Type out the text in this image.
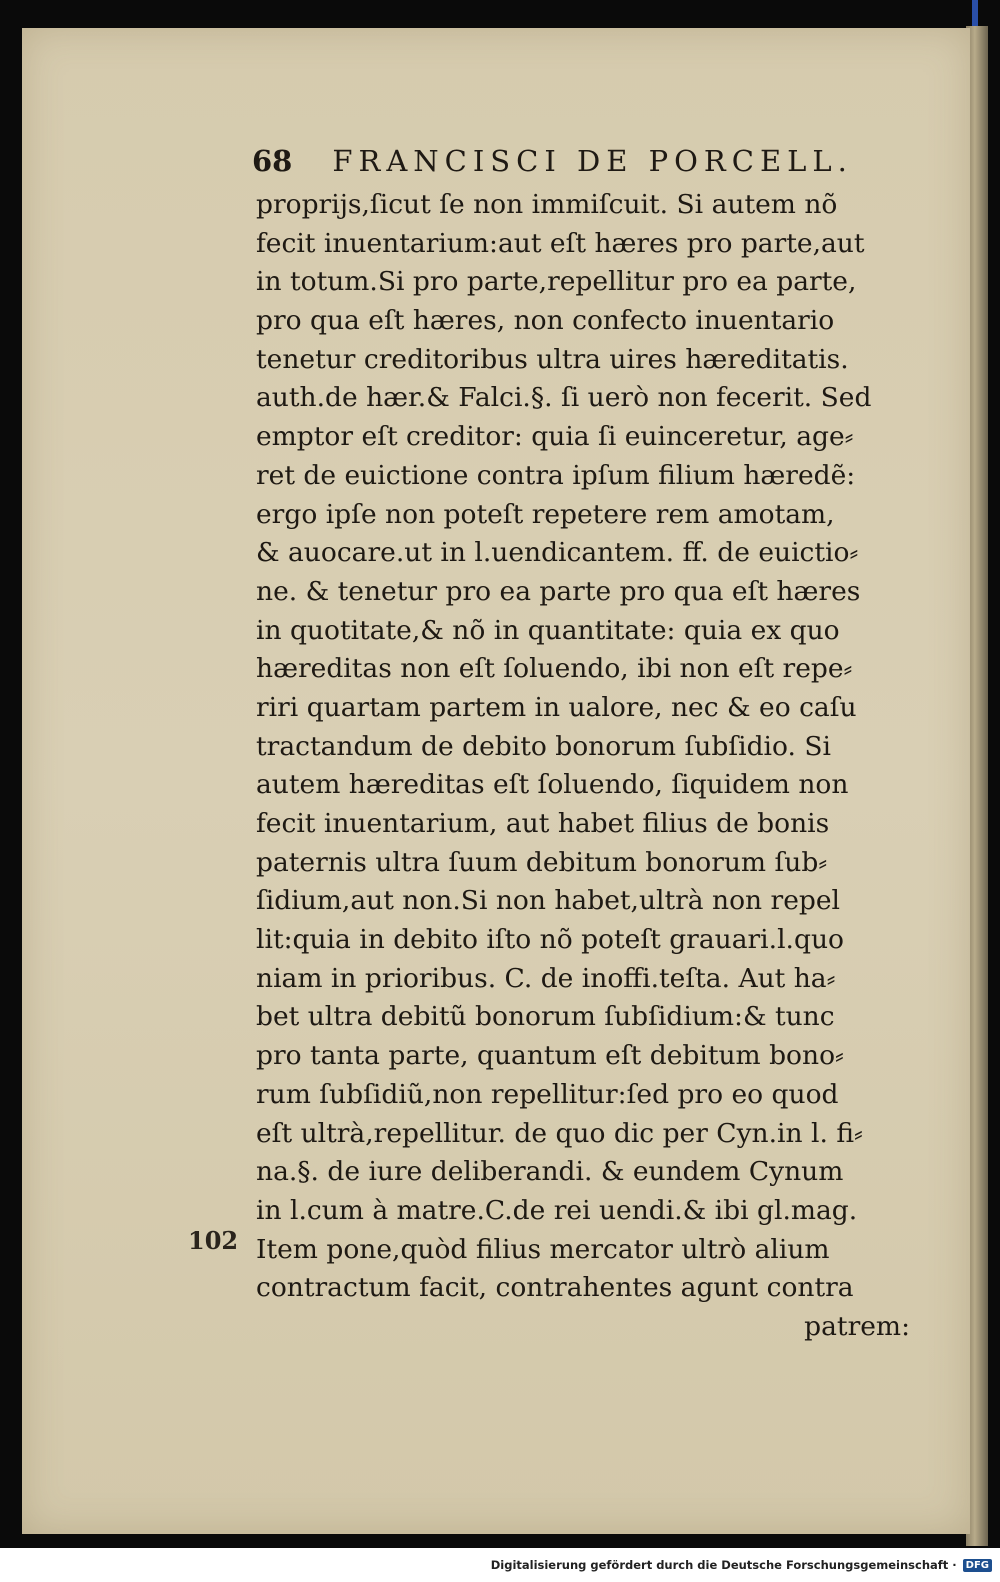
68 FRANCISCI DE PORCELL.
proprijs,ſicut ſe non immiſcuit. Si autem nõ
fecit inuentarium:aut eſt hæres pro parte,aut
in totum.Si pro parte,repellitur pro ea parte,
pro qua eſt hæres, non confecto inuentario
tenetur creditoribus ultra uires hæreditatis.
auth.de hær.& Falci.§. ſi uerò non fecerit. Sed
emptor eſt creditor: quia ſi euinceretur, age⸗
ret de euictione contra ipſum filium hæredẽ:
ergo ipſe non poteſt repetere rem amotam,
& auocare.ut in l.uendicantem. ff. de euictio⸗
ne. & tenetur pro ea parte pro qua eſt hæres
in quotitate,& nõ in quantitate: quia ex quo
hæreditas non eſt ſoluendo, ibi non eſt repe⸗
riri quartam partem in ualore, nec & eo caſu
tractandum de debito bonorum ſubſidio. Si
autem hæreditas eſt ſoluendo, ſiquidem non
fecit inuentarium, aut habet filius de bonis
paternis ultra ſuum debitum bonorum ſub⸗
ſidium,aut non.Si non habet,ultrà non repel
lit:quia in debito iſto nõ poteſt grauari.l.quo
niam in prioribus. C. de inoffi.teſta. Aut ha⸗
bet ultra debitũ bonorum ſubſidium:& tunc
pro tanta parte, quantum eſt debitum bono⸗
rum ſubſidiũ,non repellitur:ſed pro eo quod
eſt ultrà,repellitur. de quo dic per Cyn.in l. fi⸗
na.§. de iure deliberandi. & eundem Cynum
in l.cum à matre.C.de rei uendi.& ibi gl.mag.
Item pone,quòd filius mercator ultrò alium
contractum facit, contrahentes agunt contra
patrem:
102
Digitalisierung gefördert durch die Deutsche Forschungsgemeinschaft · DFG
